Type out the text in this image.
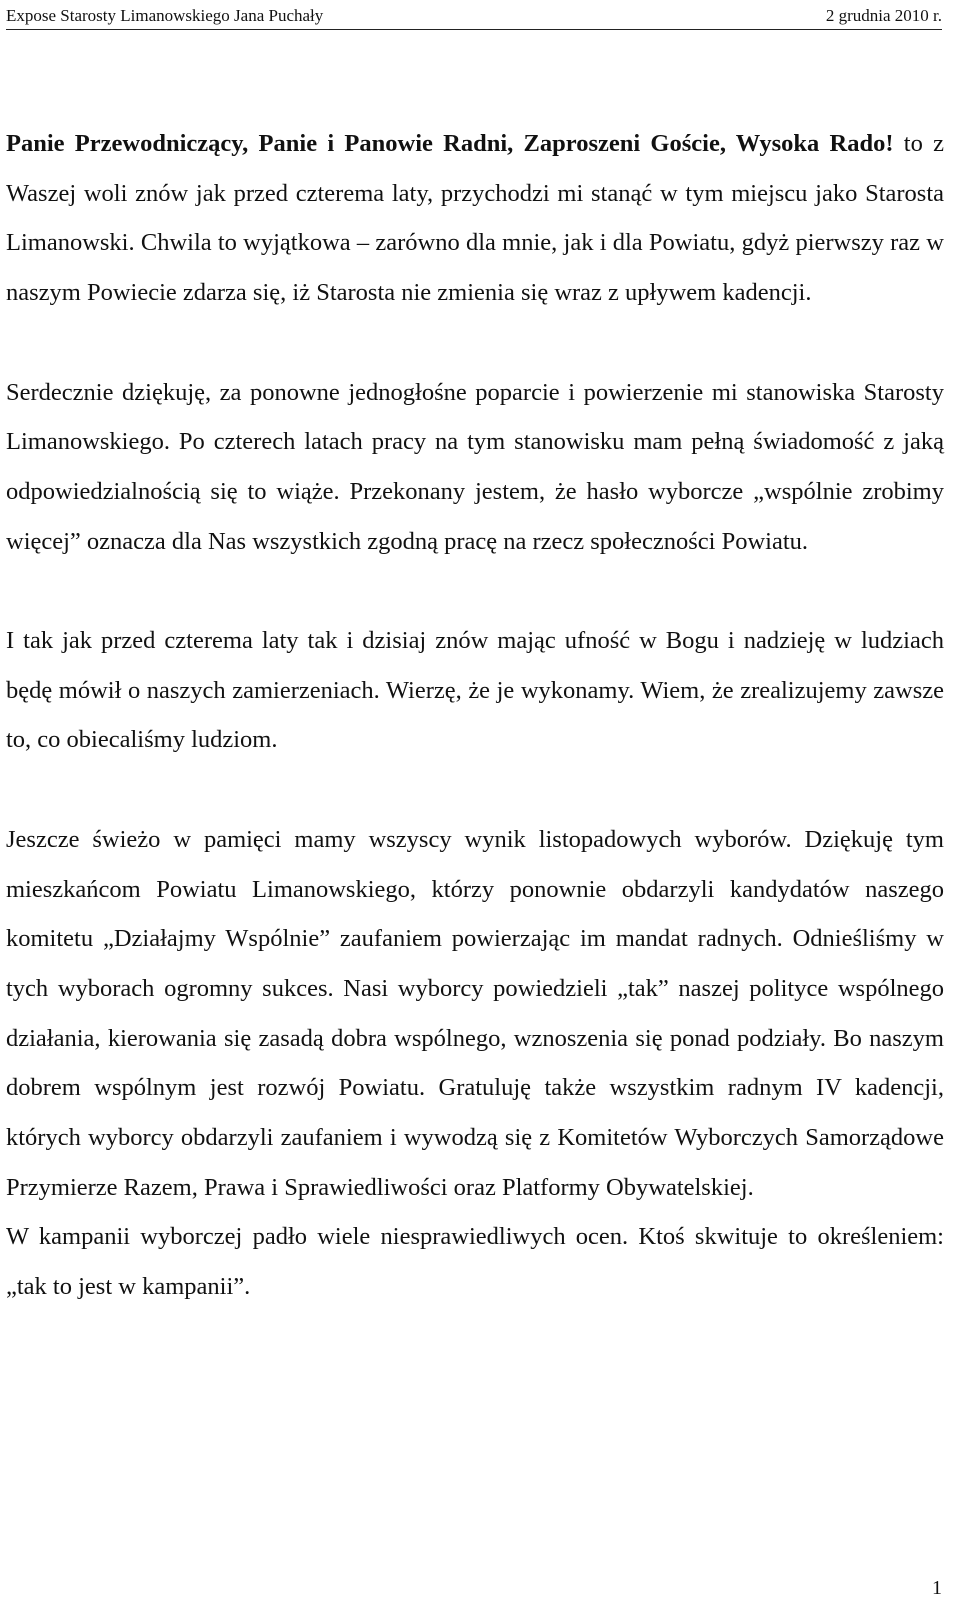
Expose Starosty Limanowskiego Jana Puchały	2 grudnia 2010 r.

Panie Przewodniczący, Panie i Panowie Radni, Zaproszeni Goście, Wysoka Rado! to z Waszej woli znów jak przed czterema laty, przychodzi mi stanąć w tym miejscu jako Starosta Limanowski. Chwila to wyjątkowa – zarówno dla mnie, jak i dla Powiatu, gdyż pierwszy raz w naszym Powiecie zdarza się, iż Starosta nie zmienia się wraz z upływem kadencji.

Serdecznie dziękuję, za ponowne jednogłośne poparcie i powierzenie mi stanowiska Starosty Limanowskiego. Po czterech latach pracy na tym stanowisku mam pełną świadomość z jaką odpowiedzialnością się to wiąże. Przekonany jestem, że hasło wyborcze „wspólnie zrobimy więcej” oznacza dla Nas wszystkich zgodną pracę na rzecz społeczności Powiatu.

I tak jak przed czterema laty tak i dzisiaj znów mając ufność w Bogu i nadzieję w ludziach będę mówił o naszych zamierzeniach. Wierzę, że je wykonamy. Wiem, że zrealizujemy zawsze to, co obiecaliśmy ludziom.

Jeszcze świeżo w pamięci mamy wszyscy wynik listopadowych wyborów. Dziękuję tym mieszkańcom Powiatu Limanowskiego, którzy ponownie obdarzyli kandydatów naszego komitetu „Działajmy Wspólnie” zaufaniem powierzając im mandat radnych. Odnieśliśmy w tych wyborach ogromny sukces. Nasi wyborcy powiedzieli „tak” naszej polityce wspólnego działania, kierowania się zasadą dobra wspólnego, wznoszenia się ponad podziały. Bo naszym dobrem wspólnym jest rozwój Powiatu. Gratuluję także wszystkim radnym IV kadencji, których wyborcy obdarzyli zaufaniem i wywodzą się z Komitetów Wyborczych Samorządowe Przymierze Razem, Prawa i Sprawiedliwości oraz Platformy Obywatelskiej.

W kampanii wyborczej padło wiele niesprawiedliwych ocen. Ktoś skwituje to określeniem: „tak to jest w kampanii”.

1
